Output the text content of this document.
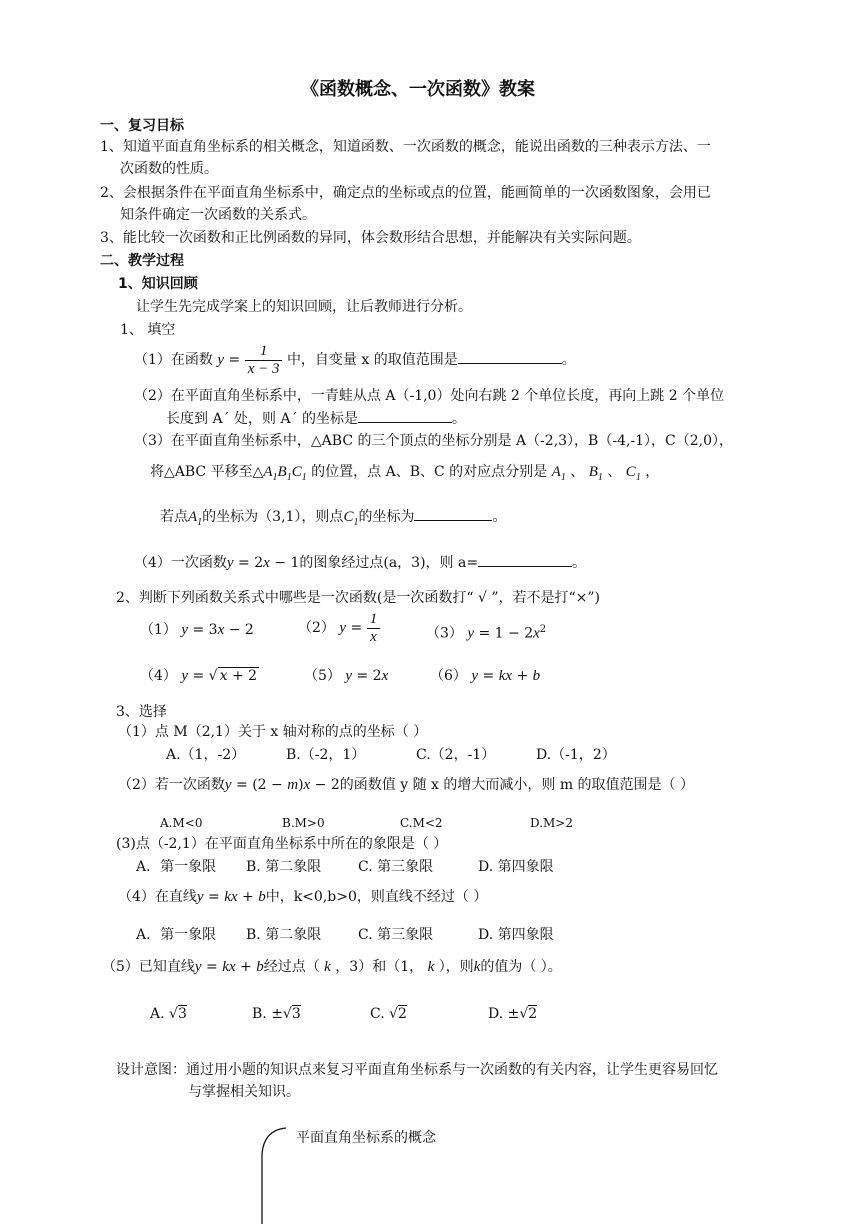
《函数概念、一次函数》教案
一、复习目标
1、知道平面直角坐标系的相关概念，知道函数、一次函数的概念，能说出函数的三种表示方法、一
次函数的性质。
2、会根据条件在平面直角坐标系中，确定点的坐标或点的位置，能画简单的一次函数图象，会用已
知条件确定一次函数的关系式。
3、能比较一次函数和正比例函数的异同，体会数形结合思想，并能解决有关实际问题。
二、教学过程
1、知识回顾
让学生先完成学案上的知识回顾，让后教师进行分析。
1、 填空
（1）在函数 $y = \frac{1}{x - 3}$ 中，自变量 x 的取值范围是	。
（2）在平面直角坐标系中，一青蛙从点 A（-1,0）处向右跳 2 个单位长度，再向上跳 2 个单位
长度到 A´ 处，则 A´ 的坐标是	。
（3）在平面直角坐标系中，△ABC 的三个顶点的坐标分别是 A（-2,3），B（-4,-1），C（2,0），
将△ABC 平移至$\triangle A_1B_1C_1$ 的位置，点 A、B、C 的对应点分别是 $A_1$ 、 $B_1$ 、 $C_1$ ，
若点$A_1$的坐标为（3,1），则点$C_1$的坐标为	。
（4）一次函数y = 2x − 1的图象经过点(a，3)，则 a=	。
2、判断下列函数关系式中哪些是一次函数(是一次函数打“ √ ”，若不是打“×”)
（1） y = 3x − 2	（2） $y = \frac{1}{x}$	（3） $y = 1 - 2x^2$
（4） y = √ x + 2	（5） y = 2x	（6） y = kx + b
3、选择
（1）点 M（2,1）关于 x 轴对称的点的坐标（ ）
A.（1，-2）	B.（-2，1）	C.（2，-1）	D.（-1，2）
（2）若一次函数y = (2 − m)x − 2的函数值 y 随 x 的增大而减小，则 m 的取值范围是（ ）
A.M<0	B.M>0	C.M<2	D.M>2
(3)点（-2,1）在平面直角坐标系中所在的象限是（ ）
A．第一象限 B. 第二象限	C. 第三象限	D. 第四象限
（4）在直线y = kx + b中，k<0,b>0，则直线不经过（ ）
A．第一象限 B. 第二象限	C. 第三象限	D. 第四象限
（5）已知直线y = kx + b经过点（ k ，3）和（1， k ），则k的值为（ ）。
A. √3	B. ±√3	C. √2	D. ±√2
设计意图：通过用小题的知识点来复习平面直角坐标系与一次函数的有关内容，让学生更容易回忆
与掌握相关知识。
平面直角坐标系的概念
